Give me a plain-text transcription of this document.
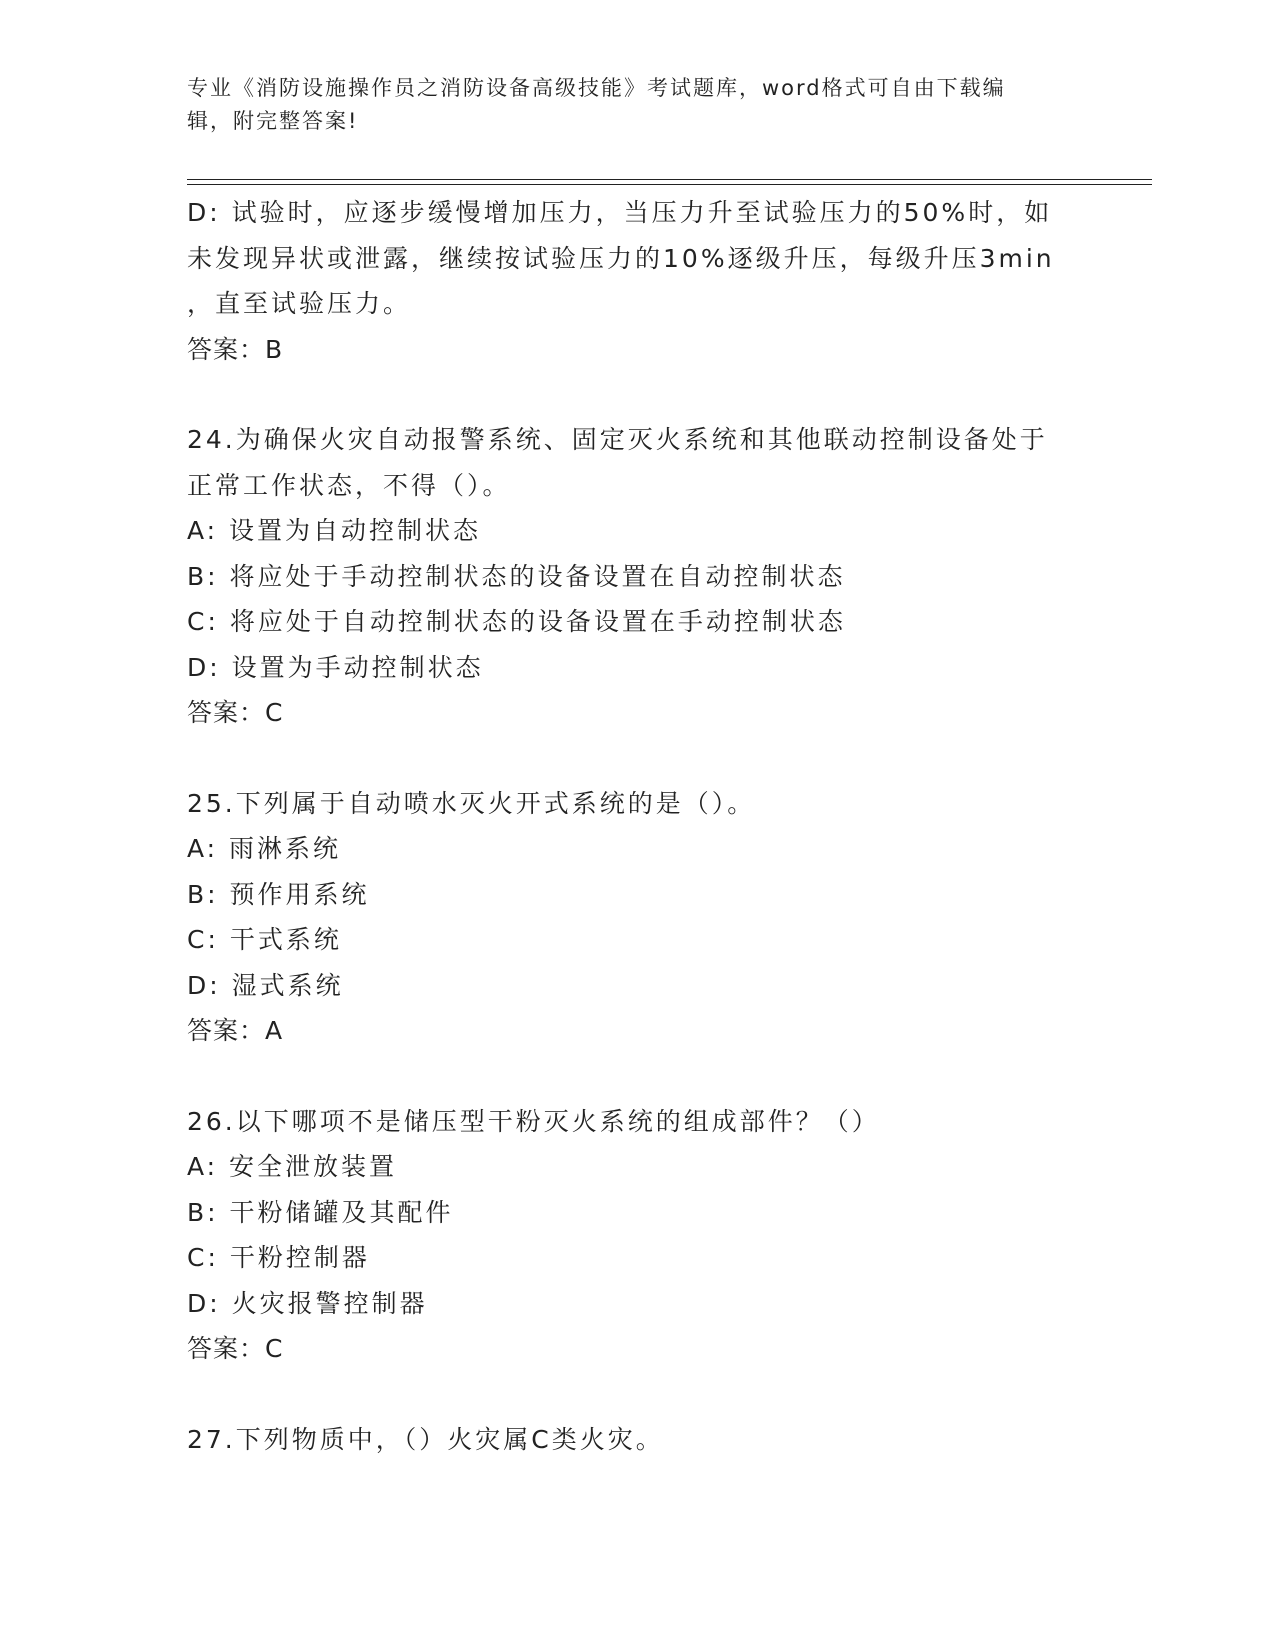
专业《消防设施操作员之消防设备高级技能》考试题库，word格式可自由下载编
辑，附完整答案!
D: 试验时，应逐步缓慢增加压力，当压力升至试验压力的50%时，如
未发现异状或泄露，继续按试验压力的10%逐级升压，每级升压3min
，直至试验压力。
答案：B
24.为确保火灾自动报警系统、固定灭火系统和其他联动控制设备处于
正常工作状态，不得（）。
A: 设置为自动控制状态
B: 将应处于手动控制状态的设备设置在自动控制状态
C: 将应处于自动控制状态的设备设置在手动控制状态
D: 设置为手动控制状态
答案：C
25.下列属于自动喷水灭火开式系统的是（）。
A: 雨淋系统
B: 预作用系统
C: 干式系统
D: 湿式系统
答案：A
26.以下哪项不是储压型干粉灭火系统的组成部件？（）
A: 安全泄放装置
B: 干粉储罐及其配件
C: 干粉控制器
D: 火灾报警控制器
答案：C
27.下列物质中，（）火灾属C类火灾。
